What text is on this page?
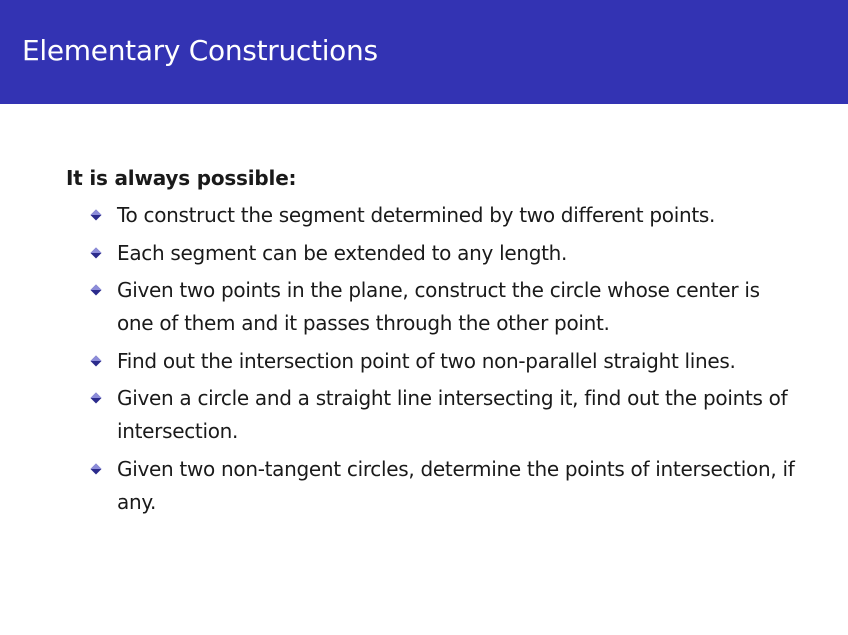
Elementary Constructions
It is always possible:
To construct the segment determined by two different points.
Each segment can be extended to any length.
Given two points in the plane, construct the circle whose center is one of them and it passes through the other point.
Find out the intersection point of two non-parallel straight lines.
Given a circle and a straight line intersecting it, find out the points of intersection.
Given two non-tangent circles, determine the points of intersection, if any.
